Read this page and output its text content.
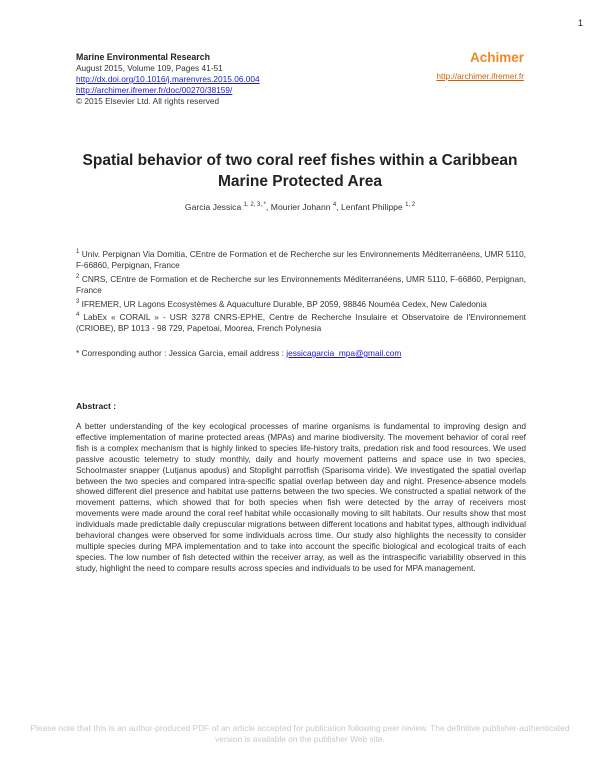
1
Marine Environmental Research
August 2015, Volume 109, Pages 41-51
http://dx.doi.org/10.1016/j.marenvres.2015.06.004
http://archimer.ifremer.fr/doc/00270/38159/
© 2015 Elsevier Ltd. All rights reserved
Achimer
http://archimer.ifremer.fr
Spatial behavior of two coral reef fishes within a Caribbean Marine Protected Area
Garcia Jessica $^{1, 2, 3, *}$, Mourier Johann $^4$, Lenfant Philippe $^{1, 2}$
$^1$ Univ. Perpignan Via Domitia, CEntre de Formation et de Recherche sur les Environnements Méditerranéens, UMR 5110, F-66860, Perpignan, France
$^2$ CNRS, CEntre de Formation et de Recherche sur les Environnements Méditerranéens, UMR 5110, F-66860, Perpignan, France
$^3$ IFREMER, UR Lagons Ecosystèmes & Aquaculture Durable, BP 2059, 98846 Nouméa Cedex, New Caledonia
$^4$ LabEx « CORAIL » - USR 3278 CNRS-EPHE, Centre de Recherche Insulaire et Observatoire de l'Environnement (CRIOBE), BP 1013 - 98 729, Papetoai, Moorea, French Polynesia
* Corresponding author : Jessica Garcia, email address : jessicagarcia_mpa@gmail.com
Abstract :
A better understanding of the key ecological processes of marine organisms is fundamental to improving design and effective implementation of marine protected areas (MPAs) and marine biodiversity. The movement behavior of coral reef fish is a complex mechanism that is highly linked to species life-history traits, predation risk and food resources. We used passive acoustic telemetry to study monthly, daily and hourly movement patterns and space use in two species, Schoolmaster snapper (Lutjanus apodus) and Stoplight parrotfish (Sparisoma viride). We investigated the spatial overlap between the two species and compared intra-specific spatial overlap between day and night. Presence-absence models showed different diel presence and habitat use patterns between the two species. We constructed a spatial network of the movement patterns, which showed that for both species when fish were detected by the array of receivers most movements were made around the coral reef habitat while occasionally moving to silt habitats. Our results show that most individuals made predictable daily crepuscular migrations between different locations and habitat types, although individual behavioral changes were observed for some individuals across time. Our study also highlights the necessity to consider multiple species during MPA implementation and to take into account the specific biological and ecological traits of each species. The low number of fish detected within the receiver array, as well as the intraspecific variability observed in this study, highlight the need to compare results across species and individuals to be used for MPA management.
Please note that this is an author-produced PDF of an article accepted for publication following peer review. The definitive publisher-authenticated version is available on the publisher Web site.
